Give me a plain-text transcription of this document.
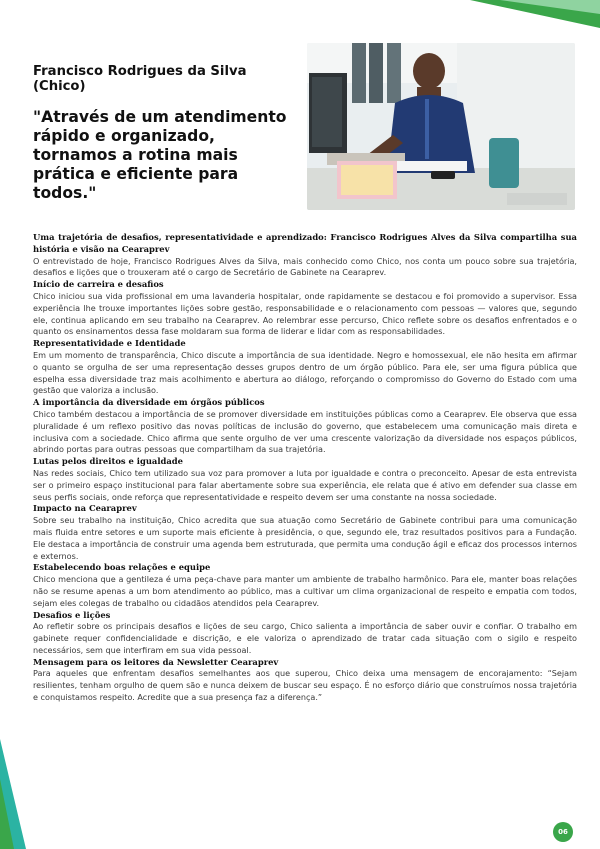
Francisco Rodrigues da Silva (Chico)
"Através de um atendimento rápido e organizado, tornamos a rotina mais prática e eficiente para todos."

Uma trajetória de desafios, representatividade e aprendizado: Francisco Rodrigues Alves da Silva compartilha sua história e visão na Cearaprev

O entrevistado de hoje, Francisco Rodrigues Alves da Silva, mais conhecido como Chico, nos conta um pouco sobre sua trajetória, desafios e lições que o trouxeram até o cargo de Secretário de Gabinete na Cearaprev.

Início de carreira e desafios

Chico iniciou sua vida profissional em uma lavanderia hospitalar, onde rapidamente se destacou e foi promovido a supervisor. Essa experiência lhe trouxe importantes lições sobre gestão, responsabilidade e o relacionamento com pessoas — valores que, segundo ele, continua aplicando em seu trabalho na Cearaprev. Ao relembrar esse percurso, Chico reflete sobre os desafios enfrentados e o quanto os ensinamentos dessa fase moldaram sua forma de liderar e lidar com as responsabilidades.

Representatividade e Identidade

Em um momento de transparência, Chico discute a importância de sua identidade. Negro e homossexual, ele não hesita em afirmar o quanto se orgulha de ser uma representação desses grupos dentro de um órgão público. Para ele, ser uma figura pública que espelha essa diversidade traz mais acolhimento e abertura ao diálogo, reforçando o compromisso do Governo do Estado com uma gestão que valoriza a inclusão.

A importância da diversidade em órgãos públicos

Chico também destacou a importância de se promover diversidade em instituições públicas como a Cearaprev. Ele observa que essa pluralidade é um reflexo positivo das novas políticas de inclusão do governo, que estabelecem uma comunicação mais direta e inclusiva com a sociedade. Chico afirma que sente orgulho de ver uma crescente valorização da diversidade nos espaços públicos, abrindo portas para outras pessoas que compartilham da sua trajetória.

Lutas pelos direitos e igualdade

Nas redes sociais, Chico tem utilizado sua voz para promover a luta por igualdade e contra o preconceito. Apesar de esta entrevista ser o primeiro espaço institucional para falar abertamente sobre sua experiência, ele relata que é ativo em defender sua classe em seus perfis sociais, onde reforça que representatividade e respeito devem ser uma constante na nossa sociedade.

Impacto na Cearaprev

Sobre seu trabalho na instituição, Chico acredita que sua atuação como Secretário de Gabinete contribui para uma comunicação mais fluida entre setores e um suporte mais eficiente à presidência, o que, segundo ele, traz resultados positivos para a Fundação. Ele destaca a importância de construir uma agenda bem estruturada, que permita uma condução ágil e eficaz dos processos internos e externos.

Estabelecendo boas relações e equipe

Chico menciona que a gentileza é uma peça-chave para manter um ambiente de trabalho harmônico. Para ele, manter boas relações não se resume apenas a um bom atendimento ao público, mas a cultivar um clima organizacional de respeito e empatia com todos, sejam eles colegas de trabalho ou cidadãos atendidos pela Cearaprev.

Desafios e lições

Ao refletir sobre os principais desafios e lições de seu cargo, Chico salienta a importância de saber ouvir e confiar. O trabalho em gabinete requer confidencialidade e discrição, e ele valoriza o aprendizado de tratar cada situação com o sigilo e respeito necessários, sem que interfiram em sua vida pessoal.

Mensagem para os leitores da Newsletter Cearaprev

Para aqueles que enfrentam desafios semelhantes aos que superou, Chico deixa uma mensagem de encorajamento: “Sejam resilientes, tenham orgulho de quem são e nunca deixem de buscar seu espaço. É no esforço diário que construímos nossa trajetória e conquistamos respeito. Acredite que a sua presença faz a diferença.”

06
